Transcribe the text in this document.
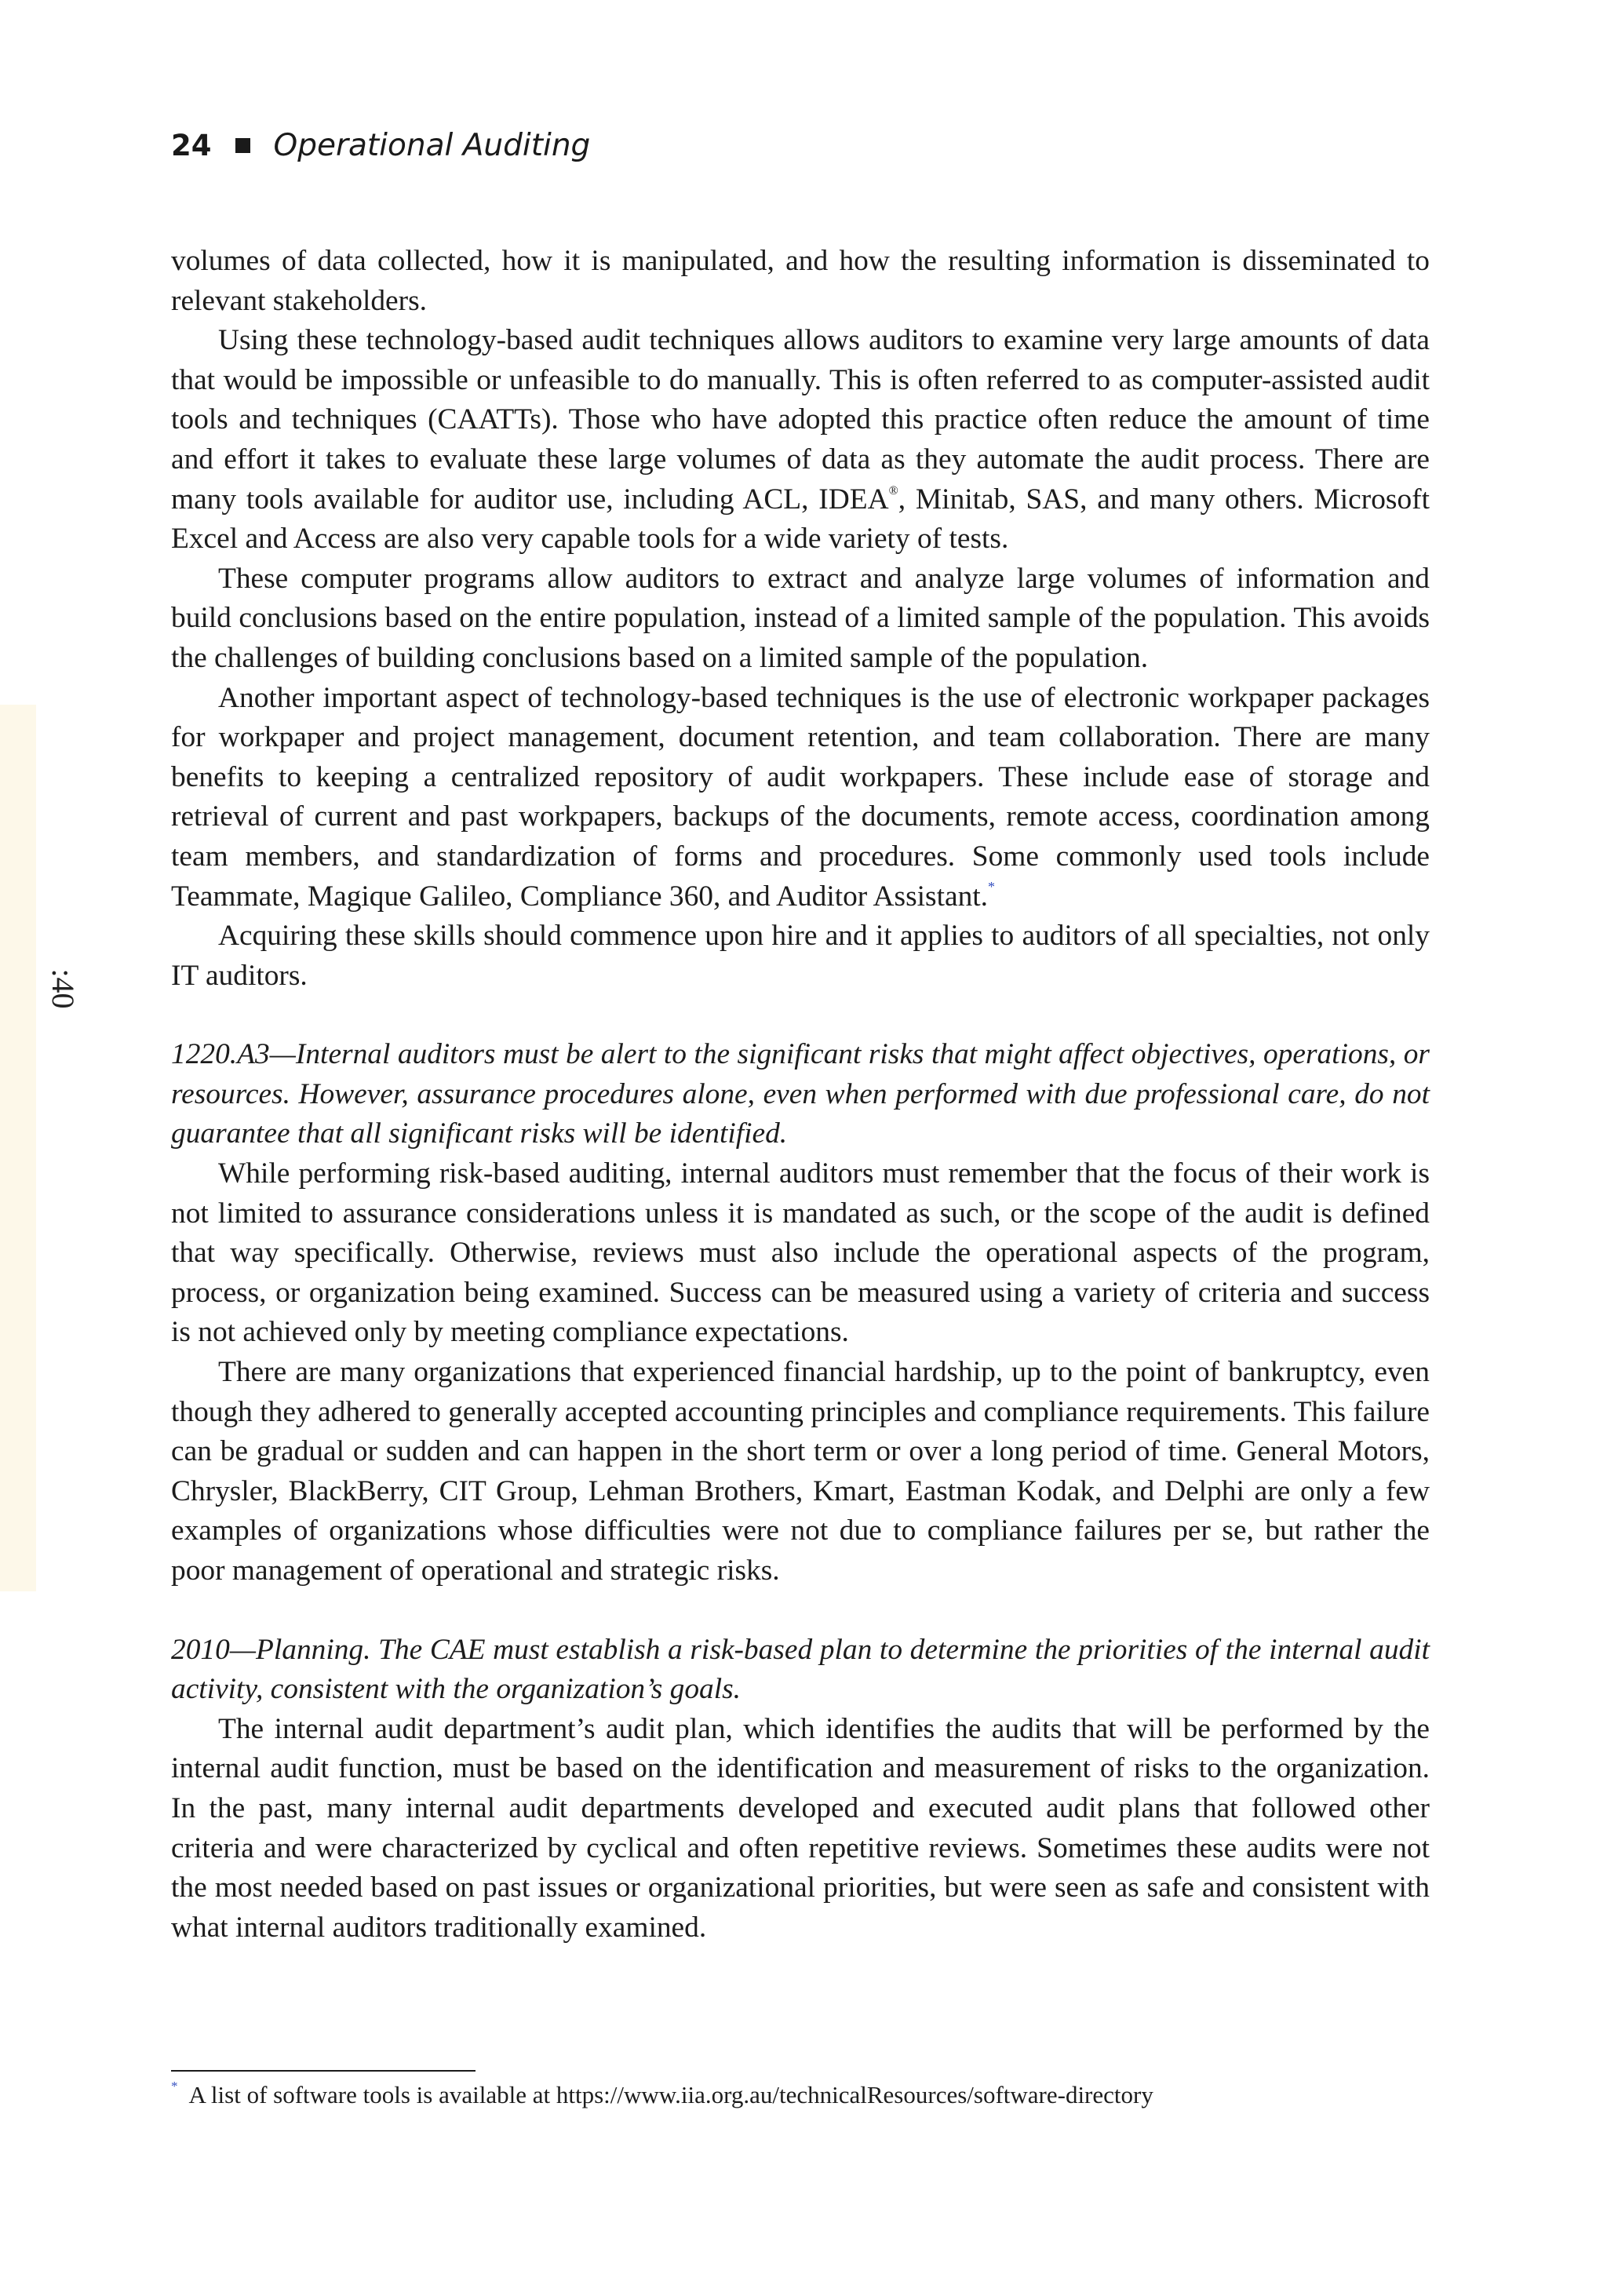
:40
24 Operational Auditing

volumes of data collected, how it is manipulated, and how the resulting information is disseminated to relevant stakeholders.

Using these technology-based audit techniques allows auditors to examine very large amounts of data that would be impossible or unfeasible to do manually. This is often referred to as computer-assisted audit tools and techniques (CAATTs). Those who have adopted this practice often reduce the amount of time and effort it takes to evaluate these large volumes of data as they automate the audit process. There are many tools available for auditor use, including ACL, IDEA®, Minitab, SAS, and many others. Microsoft Excel and Access are also very capable tools for a wide variety of tests.

These computer programs allow auditors to extract and analyze large volumes of information and build conclusions based on the entire population, instead of a limited sample of the population. This avoids the challenges of building conclusions based on a limited sample of the population.

Another important aspect of technology-based techniques is the use of electronic workpaper packages for workpaper and project management, document retention, and team collaboration. There are many benefits to keeping a centralized repository of audit workpapers. These include ease of storage and retrieval of current and past workpapers, backups of the documents, remote access, coordination among team members, and standardization of forms and procedures. Some commonly used tools include Teammate, Magique Galileo, Compliance 360, and Auditor Assistant.*

Acquiring these skills should commence upon hire and it applies to auditors of all specialties, not only IT auditors.

1220.A3—Internal auditors must be alert to the significant risks that might affect objectives, operations, or resources. However, assurance procedures alone, even when performed with due professional care, do not guarantee that all significant risks will be identified.

While performing risk-based auditing, internal auditors must remember that the focus of their work is not limited to assurance considerations unless it is mandated as such, or the scope of the audit is defined that way specifically. Otherwise, reviews must also include the operational aspects of the program, process, or organization being examined. Success can be measured using a variety of criteria and success is not achieved only by meeting compliance expectations.

There are many organizations that experienced financial hardship, up to the point of bankruptcy, even though they adhered to generally accepted accounting principles and compliance requirements. This failure can be gradual or sudden and can happen in the short term or over a long period of time. General Motors, Chrysler, BlackBerry, CIT Group, Lehman Brothers, Kmart, Eastman Kodak, and Delphi are only a few examples of organizations whose difficulties were not due to compliance failures per se, but rather the poor management of operational and strategic risks.

2010—Planning. The CAE must establish a risk-based plan to determine the priorities of the internal audit activity, consistent with the organization’s goals.

The internal audit department’s audit plan, which identifies the audits that will be performed by the internal audit function, must be based on the identification and measurement of risks to the organization. In the past, many internal audit departments developed and executed audit plans that followed other criteria and were characterized by cyclical and often repetitive reviews. Sometimes these audits were not the most needed based on past issues or organizational priorities, but were seen as safe and consistent with what internal auditors traditionally examined.

* A list of software tools is available at https://www.iia.org.au/technicalResources/software-directory
